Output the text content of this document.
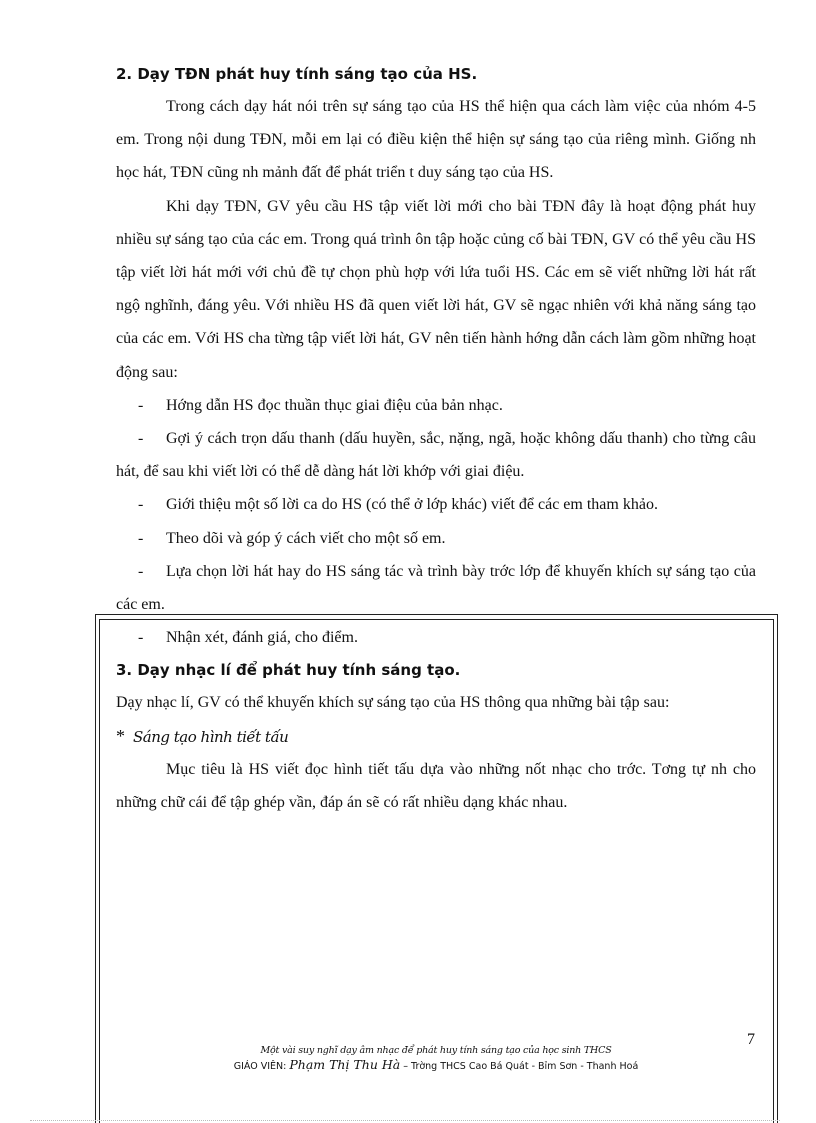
2. Dạy TĐN phát huy tính sáng tạo của HS.

Trong cách dạy hát nói trên sự sáng tạo của HS thể hiện qua cách làm việc của nhóm 4-5 em. Trong nội dung TĐN, mỗi em lại có điều kiện thể hiện sự sáng tạo của riêng mình. Giống nh học hát, TĐN cũng nh mảnh đất để phát triển t duy sáng tạo của HS.

Khi dạy TĐN, GV yêu cầu HS tập viết lời mới cho bài TĐN đây là hoạt động phát huy nhiều sự sáng tạo của các em. Trong quá trình ôn tập hoặc củng cố bài TĐN, GV có thể yêu cầu HS tập viết lời hát mới với chủ đề tự chọn phù hợp với lứa tuổi HS. Các em sẽ viết những lời hát rất ngộ nghĩnh, đáng yêu. Với nhiều HS đã quen viết lời hát, GV sẽ ngạc nhiên với khả năng sáng tạo của các em. Với HS cha từng tập viết lời hát, GV nên tiến hành hớng dẫn cách làm gồm những hoạt động sau:

- Hớng dẫn HS đọc thuần thục giai điệu của bản nhạc.

- Gợi ý cách trọn dấu thanh (dấu huyền, sắc, nặng, ngã, hoặc không dấu thanh) cho từng câu hát, để sau khi viết lời có thể dễ dàng hát lời khớp với giai điệu.

- Giới thiệu một số lời ca do HS (có thể ở lớp khác) viết để các em tham khảo.

- Theo dõi và góp ý cách viết cho một số em.

- Lựa chọn lời hát hay do HS sáng tác và trình bày trớc lớp để khuyến khích sự sáng tạo của các em.

- Nhận xét, đánh giá, cho điểm.

3. Dạy nhạc lí để phát huy tính sáng tạo.

Dạy nhạc lí, GV có thể khuyến khích sự sáng tạo của HS thông qua những bài tập sau:

* Sáng tạo hình tiết tấu

Mục tiêu là HS viết đọc hình tiết tấu dựa vào những nốt nhạc cho trớc. Tơng tự nh cho những chữ cái để tập ghép vần, đáp án sẽ có rất nhiều dạng khác nhau.

7
Một vài suy nghĩ dạy âm nhạc để phát huy tính sáng tạo của học sinh THCS
GIÁO VIÊN: Phạm Thị Thu Hà – Trờng THCS Cao Bá Quát - Bỉm Sơn - Thanh Hoá
